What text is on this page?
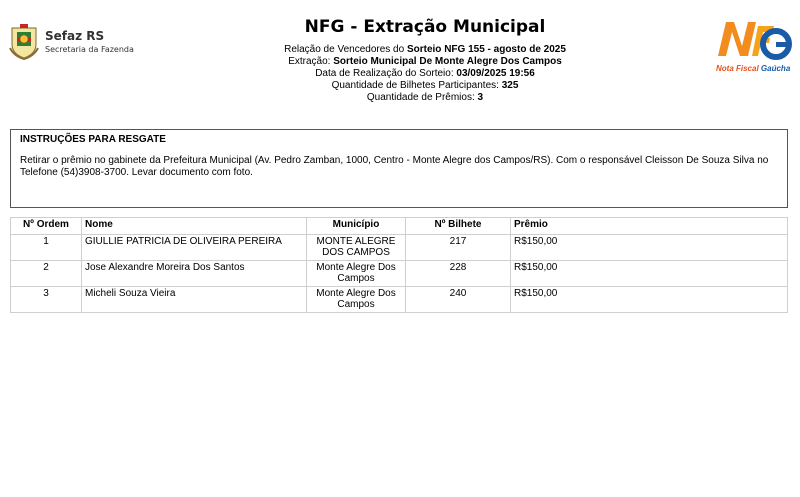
Sefaz RS
Secretaria da Fazenda
NFG - Extração Municipal
Relação de Vencedores do Sorteio NFG 155 - agosto de 2025
Extração: Sorteio Municipal De Monte Alegre Dos Campos
Data de Realização do Sorteio: 03/09/2025 19:56
Quantidade de Bilhetes Participantes: 325
Quantidade de Prêmios: 3
Nota Fiscal Gaúcha
INSTRUÇÕES PARA RESGATE
Retirar o prêmio no gabinete da Prefeitura Municipal (Av. Pedro Zamban, 1000, Centro - Monte Alegre dos Campos/RS). Com o responsável Cleisson De Souza Silva no Telefone (54)3908-3700. Levar documento com foto.
Nº Ordem	Nome	Município	Nº Bilhete	Prêmio
1	GIULLIE PATRICIA DE OLIVEIRA PEREIRA	MONTE ALEGRE DOS CAMPOS	217	R$150,00
2	Jose Alexandre Moreira Dos Santos	Monte Alegre Dos Campos	228	R$150,00
3	Micheli Souza Vieira	Monte Alegre Dos Campos	240	R$150,00
